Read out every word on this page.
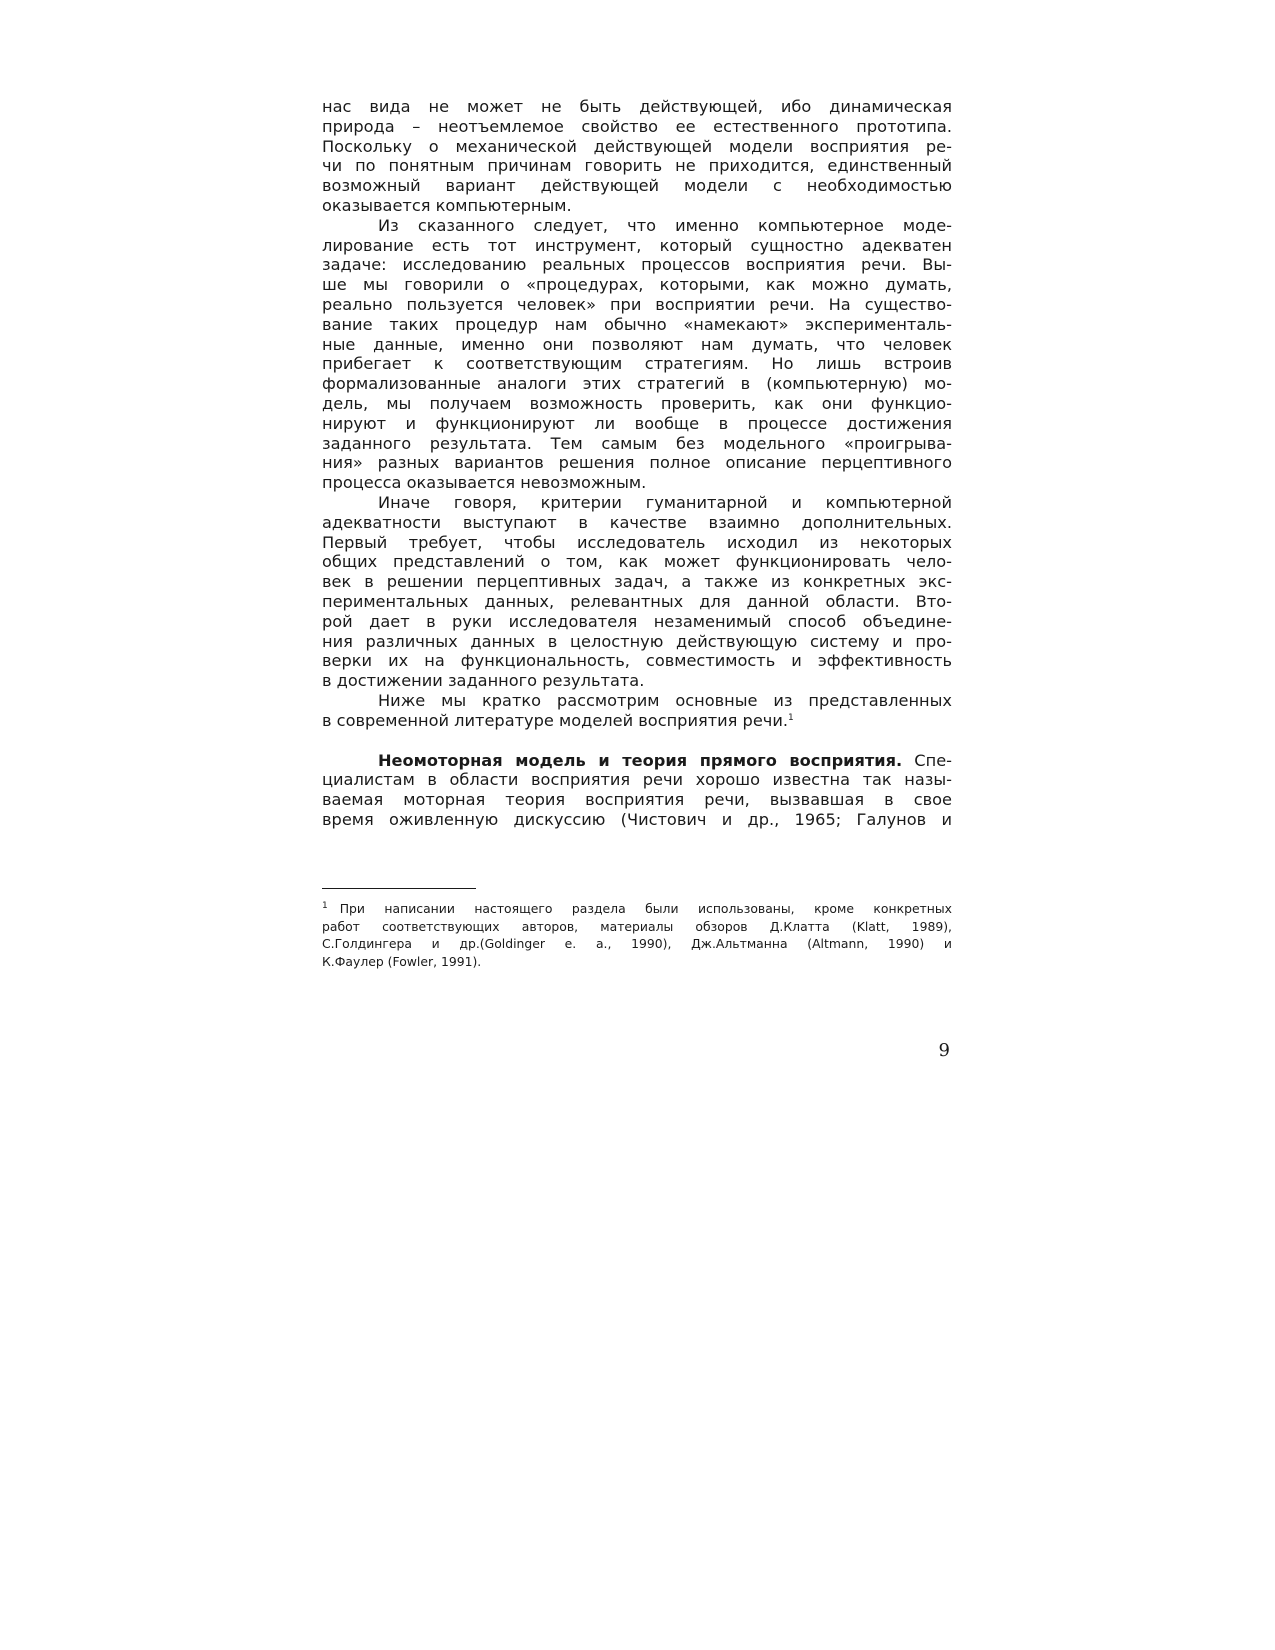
нас вида не может не быть действующей, ибо динамическая
природа – неотъемлемое свойство ее естественного прототипа.
Поскольку о механической действующей модели восприятия ре-
чи по понятным причинам говорить не приходится, единственный
возможный вариант действующей модели с необходимостью
оказывается компьютерным.
Из сказанного следует, что именно компьютерное моде-
лирование есть тот инструмент, который сущностно адекватен
задаче: исследованию реальных процессов восприятия речи. Вы-
ше мы говорили о «процедурах, которыми, как можно думать,
реально пользуется человек» при восприятии речи. На существо-
вание таких процедур нам обычно «намекают» эксперименталь-
ные данные, именно они позволяют нам думать, что человек
прибегает к соответствующим стратегиям. Но лишь встроив
формализованные аналоги этих стратегий в (компьютерную) мо-
дель, мы получаем возможность проверить, как они функцио-
нируют и функционируют ли вообще в процессе достижения
заданного результата. Тем самым без модельного «проигрыва-
ния» разных вариантов решения полное описание перцептивного
процесса оказывается невозможным.
Иначе говоря, критерии гуманитарной и компьютерной
адекватности выступают в качестве взаимно дополнительных.
Первый требует, чтобы исследователь исходил из некоторых
общих представлений о том, как может функционировать чело-
век в решении перцептивных задач, а также из конкретных экс-
периментальных данных, релевантных для данной области. Вто-
рой дает в руки исследователя незаменимый способ объедине-
ния различных данных в целостную действующую систему и про-
верки их на функциональность, совместимость и эффективность
в достижении заданного результата.
Ниже мы кратко рассмотрим основные из представленных
в современной литературе моделей восприятия речи.$^1$
Неомоторная модель и теория прямого восприятия. Спе-
циалистам в области восприятия речи хорошо известна так назы-
ваемая моторная теория восприятия речи, вызвавшая в свое
время оживленную дискуссию (Чистович и др., 1965; Галунов и
$^1$ При написании настоящего раздела были использованы, кроме конкретных
работ соответствующих авторов, материалы обзоров Д.Клатта (Klatt, 1989),
С.Голдингера и др.(Goldinger e. a., 1990), Дж.Альтманна (Altmann, 1990) и
К.Фаулер (Fowler, 1991).
9
